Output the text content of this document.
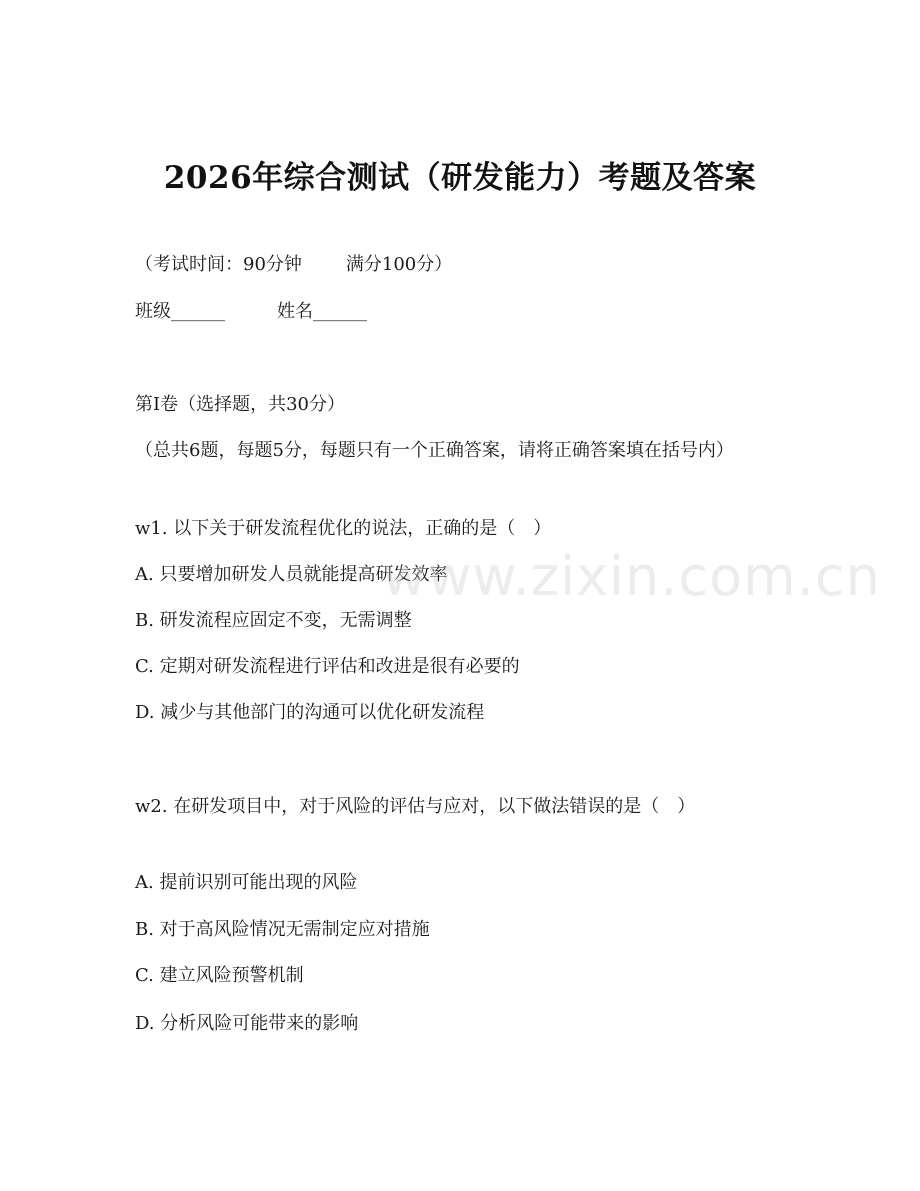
2026年综合测试（研发能力）考题及答案
（考试时间：90分钟 满分100分）
班级______	姓名______
第I卷（选择题，共30分）
（总共6题，每题5分，每题只有一个正确答案，请将正确答案填在括号内）
w1. 以下关于研发流程优化的说法，正确的是（　）
A. 只要增加研发人员就能提高研发效率
B. 研发流程应固定不变，无需调整
C. 定期对研发流程进行评估和改进是很有必要的
D. 减少与其他部门的沟通可以优化研发流程
w2. 在研发项目中，对于风险的评估与应对，以下做法错误的是（　）
A. 提前识别可能出现的风险
B. 对于高风险情况无需制定应对措施
C. 建立风险预警机制
D. 分析风险可能带来的影响
www.zixin.com.cn
